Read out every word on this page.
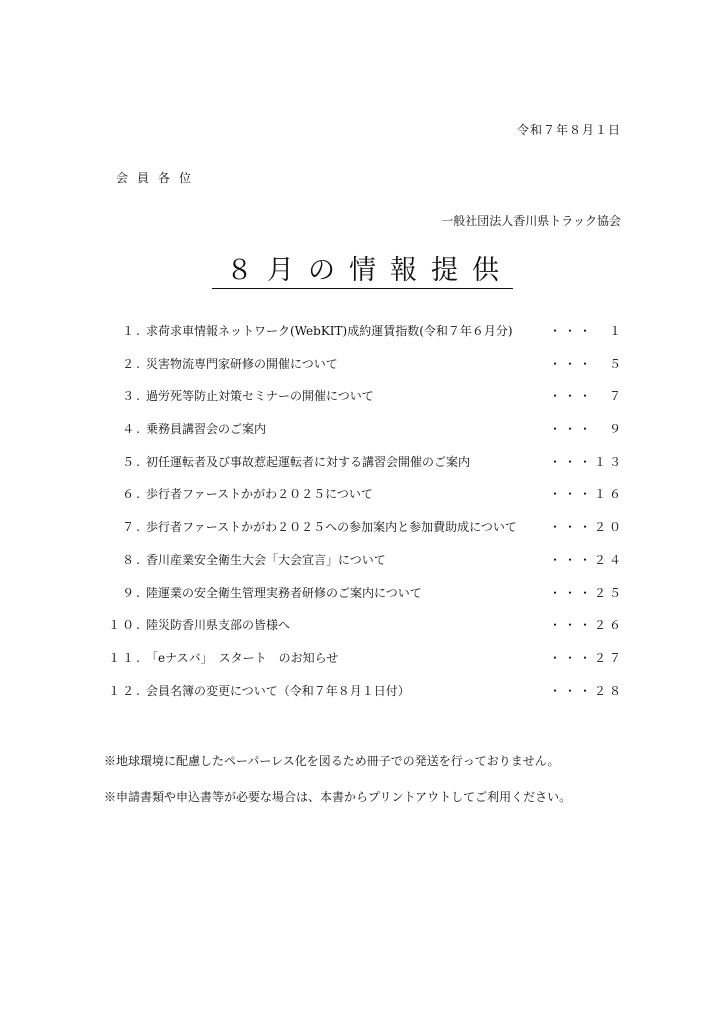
令和７年８月１日
会員各位
一般社団法人香川県トラック協会
８月の情報提供
１. 求荷求車情報ネットワーク(WebKIT)成約運賃指数(令和７年６月分)	・・・　１
２. 災害物流専門家研修の開催について	・・・　５
３. 過労死等防止対策セミナーの開催について	・・・　７
４. 乗務員講習会のご案内	・・・　９
５. 初任運転者及び事故惹起運転者に対する講習会開催のご案内	・・・１３
６. 歩行者ファーストかがわ２０２５について	・・・１６
７. 歩行者ファーストかがわ２０２５への参加案内と参加費助成について	・・・２０
８. 香川産業安全衛生大会「大会宣言」について	・・・２４
９. 陸運業の安全衛生管理実務者研修のご案内について	・・・２５
１０. 陸災防香川県支部の皆様へ	・・・２６
１１. 「eナスバ」　スタート　のお知らせ	・・・２７
１２. 会員名簿の変更について（令和７年８月１日付）	・・・２８
※地球環境に配慮したペーパーレス化を図るため冊子での発送を行っておりません。
※申請書類や申込書等が必要な場合は、本書からプリントアウトしてご利用ください。
